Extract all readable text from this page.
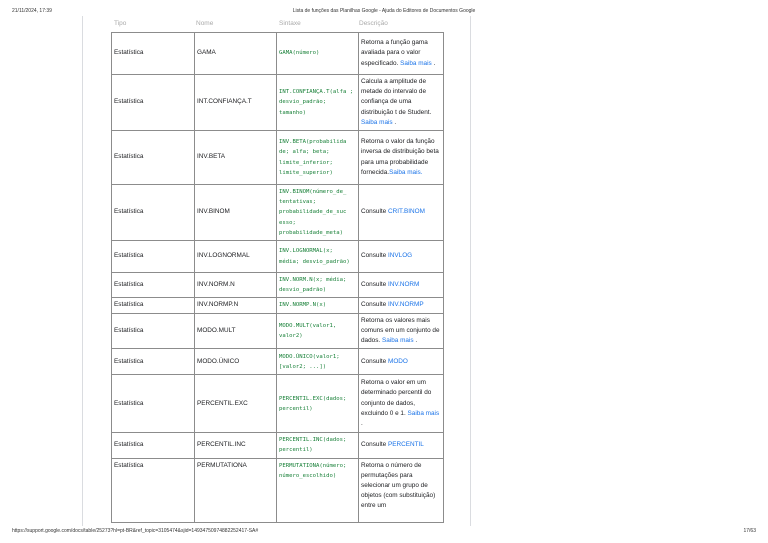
21/11/2024, 17:39	Lista de funções das Planilhas Google - Ajuda do Editores de Documentos Google
Tipo	Nome	Sintaxe	Descrição
Estatística	GAMA	GAMA(número)	Retorna a função gama avaliada para o valor especificado. Saiba mais .
Estatística	INT.CONFIANÇA.T	INT.CONFIANÇA.T(alfa ; desvio_padrão; tamanho)	Calcula a amplitude de metade do intervalo de confiança de uma distribuição t de Student. Saiba mais .
Estatística	INV.BETA	INV.BETA(probabilida de; alfa; beta; limite_inferior; limite_superior)	Retorna o valor da função inversa de distribuição beta para uma probabilidade fornecida.Saiba mais.
Estatística	INV.BINOM	INV.BINOM(número_de_ tentativas; probabilidade_de_suc esso; probabilidade_meta)	Consulte CRIT.BINOM
Estatística	INV.LOGNORMAL	INV.LOGNORMAL(x; média; desvio_padrão)	Consulte INVLOG
Estatística	INV.NORM.N	INV.NORM.N(x; média; desvio_padrão)	Consulte INV.NORM
Estatística	INV.NORMP.N	INV.NORMP.N(x)	Consulte INV.NORMP
Estatística	MODO.MULT	MODO.MULT(valor1, valor2)	Retorna os valores mais comuns em um conjunto de dados. Saiba mais .
Estatística	MODO.ÚNICO	MODO.ÚNICO(valor1; [valor2; ...])	Consulte MODO
Estatística	PERCENTIL.EXC	PERCENTIL.EXC(dados; percentil)	Retorna o valor em um determinado percentil do conjunto de dados, excluindo 0 e 1. Saiba mais .
Estatística	PERCENTIL.INC	PERCENTIL.INC(dados; percentil)	Consulte PERCENTIL
Estatística	PERMUTATIONA	PERMUTATIONA(número; número_escolhido)	Retorna o número de permutações para selecionar um grupo de objetos (com substituição) entre um
https://support.google.com/docs/table/25273?hl=pt-BR&ref_topic=3105474&sjid=14934750974882252417-SA#	17/63
